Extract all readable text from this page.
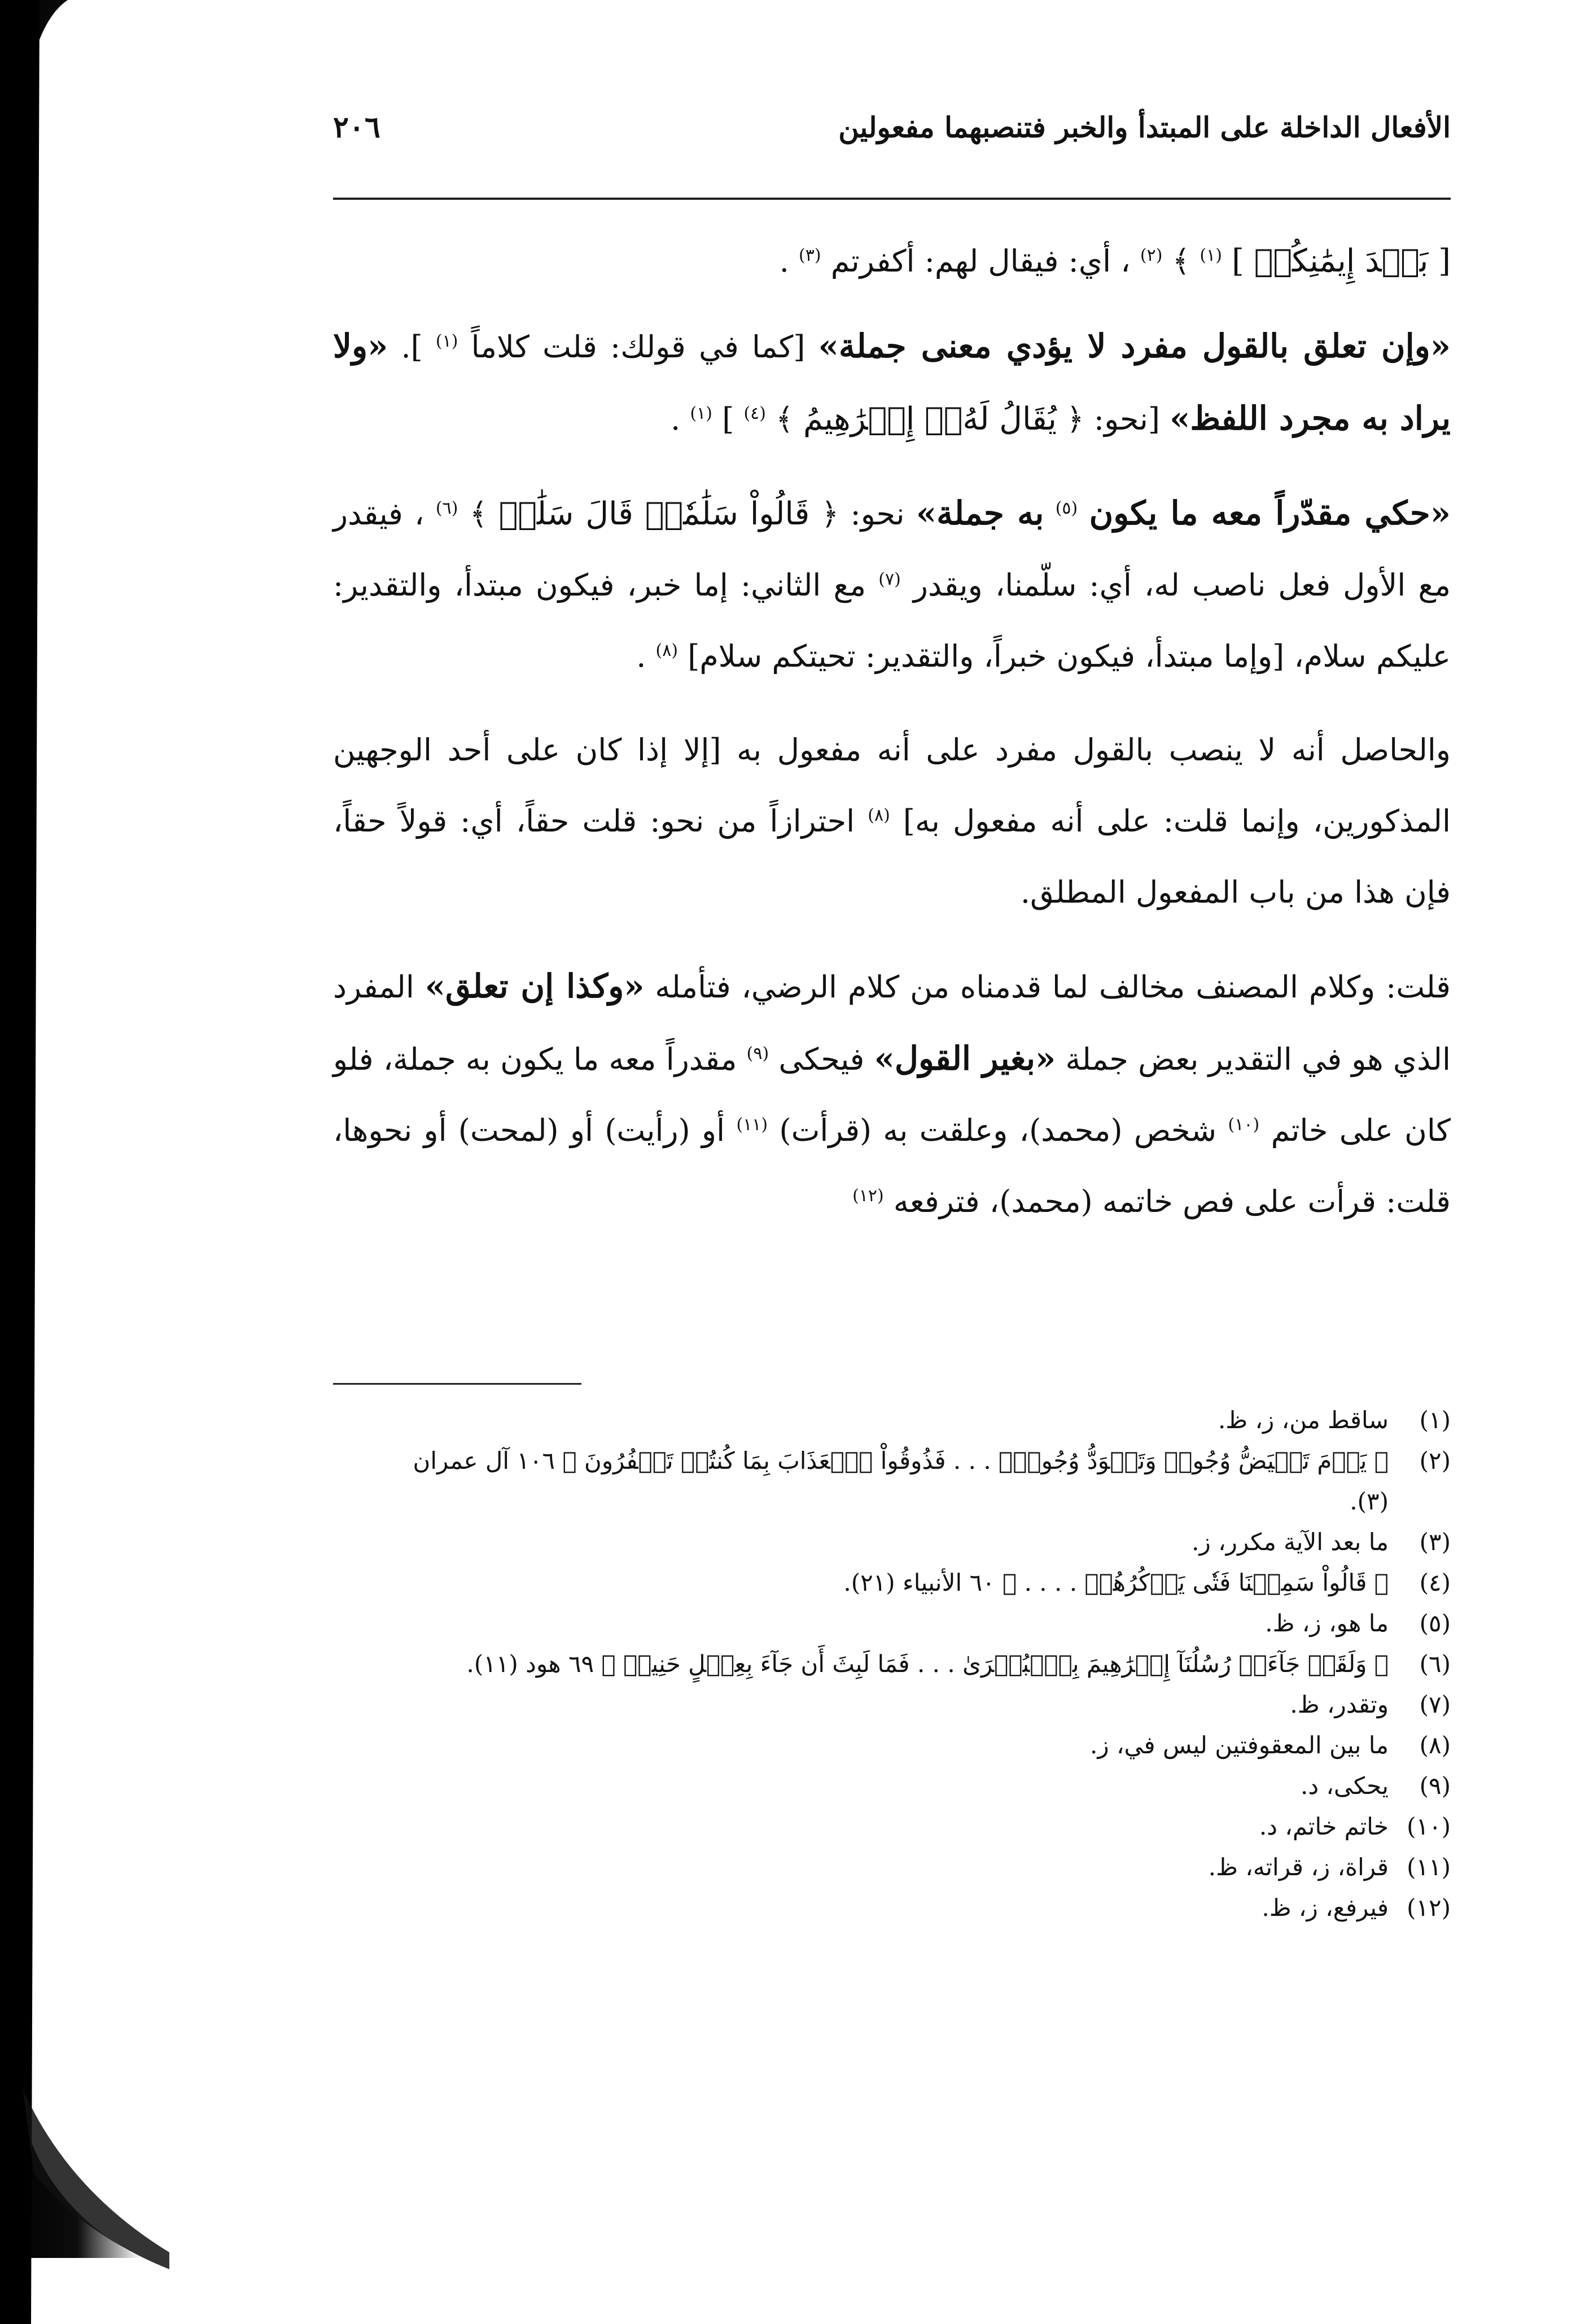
الأفعال الداخلة على المبتدأ والخبر فتنصبهما مفعولين
٢٠٦

[ بَعۡدَ إِيمَٰنِكُمۡ ] $^{(١)}$ ﴾ $^{(٢)}$ ، أي: فيقال لهم: أكفرتم $^{(٣)}$ .

«وإن تعلق بالقول مفرد لا يؤدي معنى جملة» [كما في قولك: قلت كلاماً $^{(١)}$ ]. «ولا يراد به مجرد اللفظ» [نحو: ﴿ يُقَالُ لَهُۥٓ إِبۡرَٰهِيمُ ﴾ $^{(٤)}$ ] $^{(١)}$ .

«حكي مقدّراً معه ما يكون $^{(٥)}$ به جملة» نحو: ﴿ قَالُواْ سَلَٰمٗاۖ قَالَ سَلَٰمٞ ﴾ $^{(٦)}$ ، فيقدر مع الأول فعل ناصب له، أي: سلّمنا، ويقدر $^{(٧)}$ مع الثاني: إما خبر، فيكون مبتدأ، والتقدير: عليكم سلام، [وإما مبتدأ، فيكون خبراً، والتقدير: تحيتكم سلام] $^{(٨)}$ .

والحاصل أنه لا ينصب بالقول مفرد على أنه مفعول به [إلا إذا كان على أحد الوجهين المذكورين، وإنما قلت: على أنه مفعول به] $^{(٨)}$ احترازاً من نحو: قلت حقاً، أي: قولاً حقاً، فإن هذا من باب المفعول المطلق.

قلت: وكلام المصنف مخالف لما قدمناه من كلام الرضي، فتأمله «وكذا إن تعلق» المفرد الذي هو في التقدير بعض جملة «بغير القول» فيحكى $^{(٩)}$ مقدراً معه ما يكون به جملة، فلو كان على خاتم $^{(١٠)}$ شخص (محمد)، وعلقت به (قرأت) $^{(١١)}$ أو (رأيت) أو (لمحت) أو نحوها، قلت: قرأت على فص خاتمه (محمد)، فترفعه $^{(١٢)}$

(١)
ساقط من، ز، ظ.
(٢)
﴿ يَوۡمَ تَبۡيَضُّ وُجُوهٞ وَتَسۡوَدُّ وُجُوهٞۚ . . . فَذُوقُواْ ٱلۡعَذَابَ بِمَا كُنتُمۡ تَكۡفُرُونَ ﴾ ١٠٦ آل عمران
(٣).
(٣)
ما بعد الآية مكرر، ز.
(٤)
﴿ قَالُواْ سَمِعۡنَا فَتٗى يَذۡكُرُهُمۡ . . . . ﴾ ٦٠ الأنبياء (٢١).
(٥)
ما هو، ز، ظ.
(٦)
﴿ وَلَقَدۡ جَآءَتۡ رُسُلُنَآ إِبۡرَٰهِيمَ بِٱلۡبُشۡرَىٰ . . . فَمَا لَبِثَ أَن جَآءَ بِعِجۡلٍ حَنِيذٖ ﴾ ٦٩ هود (١١).
(٧)
وتقدر، ظ.
(٨)
ما بين المعقوفتين ليس في، ز.
(٩)
يحكى، د.
(١٠)
خاتم خاتم، د.
(١١)
قراة، ز، قراته، ظ.
(١٢)
فيرفع، ز، ظ.
